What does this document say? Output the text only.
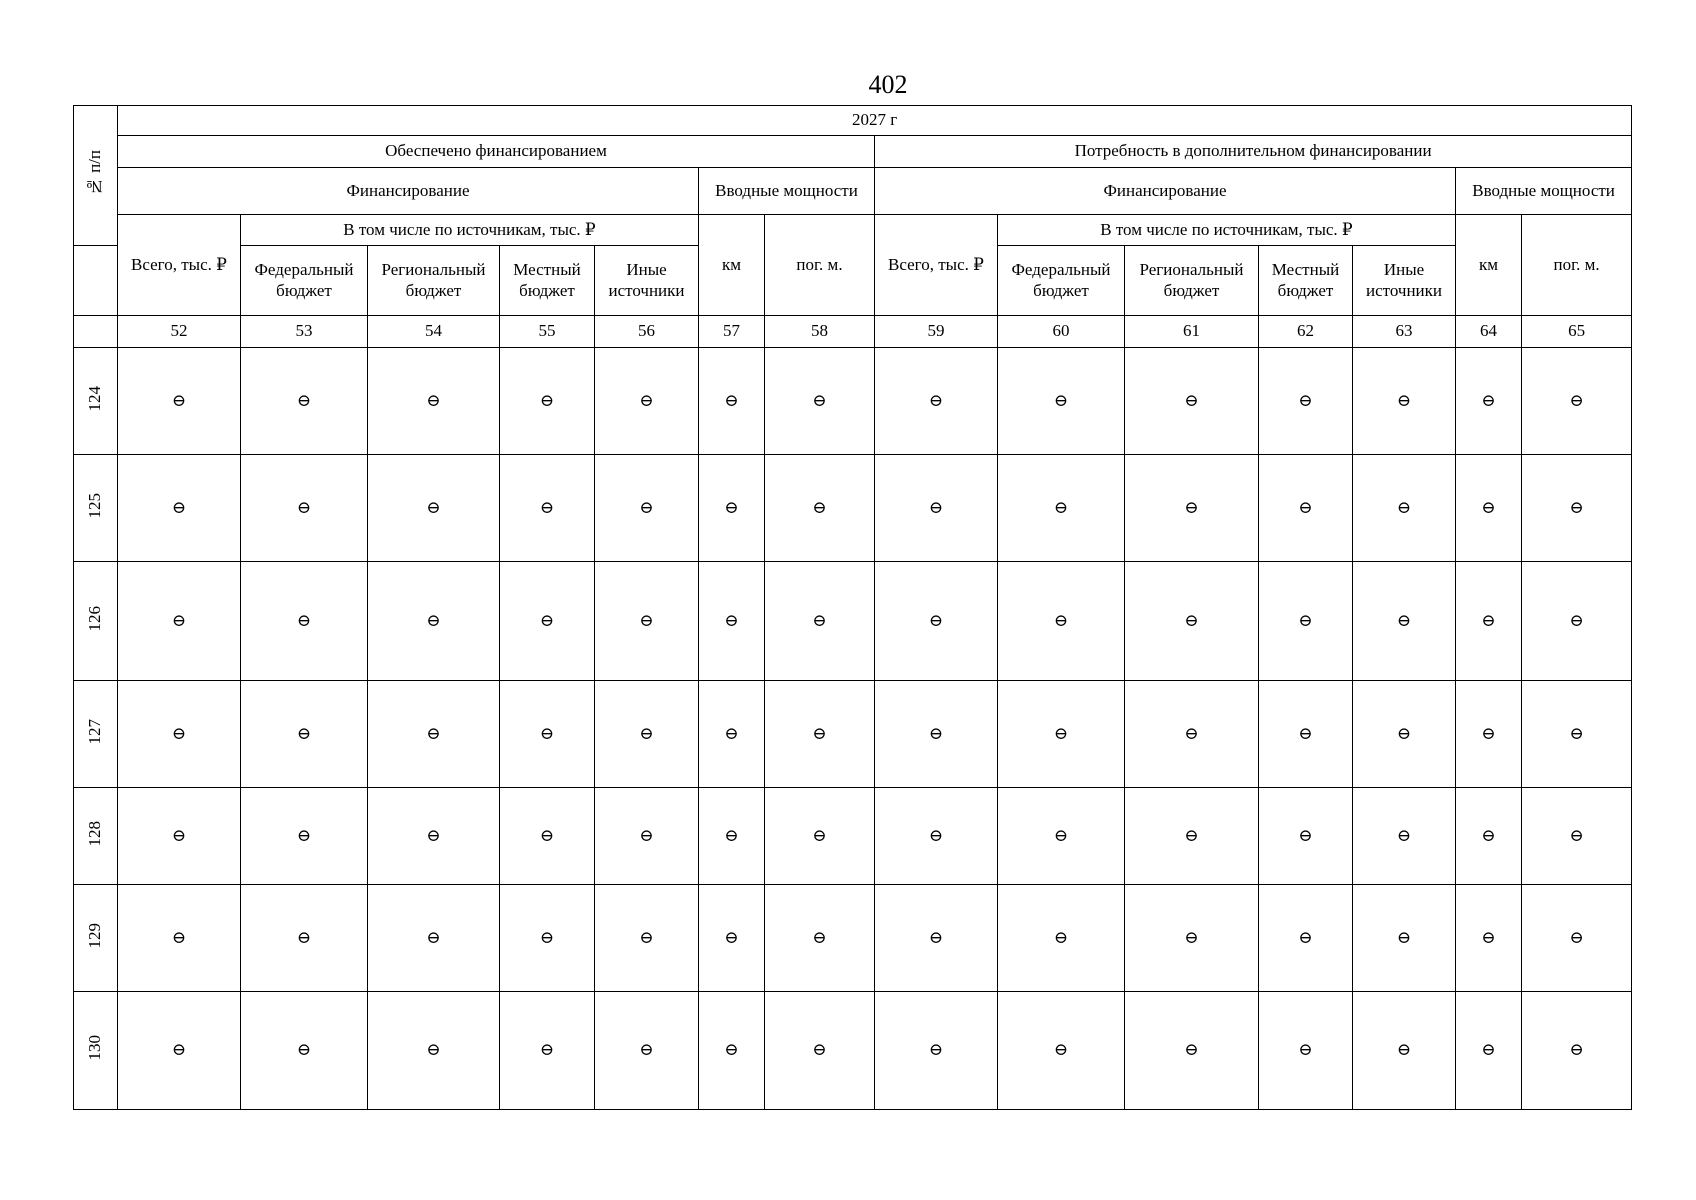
402
№ п/п	2027 г													
	Обеспечено финансированием							Потребность в дополнительном финансировании						
	Финансирование					Вводные мощности		Финансирование					Вводные мощности	
	Всего, тыс. ₽	В том числе по источникам, тыс. ₽				км	пог. м.	Всего, тыс. ₽	В том числе по источникам, тыс. ₽				км	пог. м.
		Федеральный бюджет	Региональный бюджет	Местный бюджет	Иные источники				Федеральный бюджет	Региональный бюджет	Местный бюджет	Иные источники		
	52	53	54	55	56	57	58	59	60	61	62	63	64	65
124	⊖	⊖	⊖	⊖	⊖	⊖	⊖	⊖	⊖	⊖	⊖	⊖	⊖	⊖
125	⊖	⊖	⊖	⊖	⊖	⊖	⊖	⊖	⊖	⊖	⊖	⊖	⊖	⊖
126	⊖	⊖	⊖	⊖	⊖	⊖	⊖	⊖	⊖	⊖	⊖	⊖	⊖	⊖
127	⊖	⊖	⊖	⊖	⊖	⊖	⊖	⊖	⊖	⊖	⊖	⊖	⊖	⊖
128	⊖	⊖	⊖	⊖	⊖	⊖	⊖	⊖	⊖	⊖	⊖	⊖	⊖	⊖
129	⊖	⊖	⊖	⊖	⊖	⊖	⊖	⊖	⊖	⊖	⊖	⊖	⊖	⊖
130	⊖	⊖	⊖	⊖	⊖	⊖	⊖	⊖	⊖	⊖	⊖	⊖	⊖	⊖
